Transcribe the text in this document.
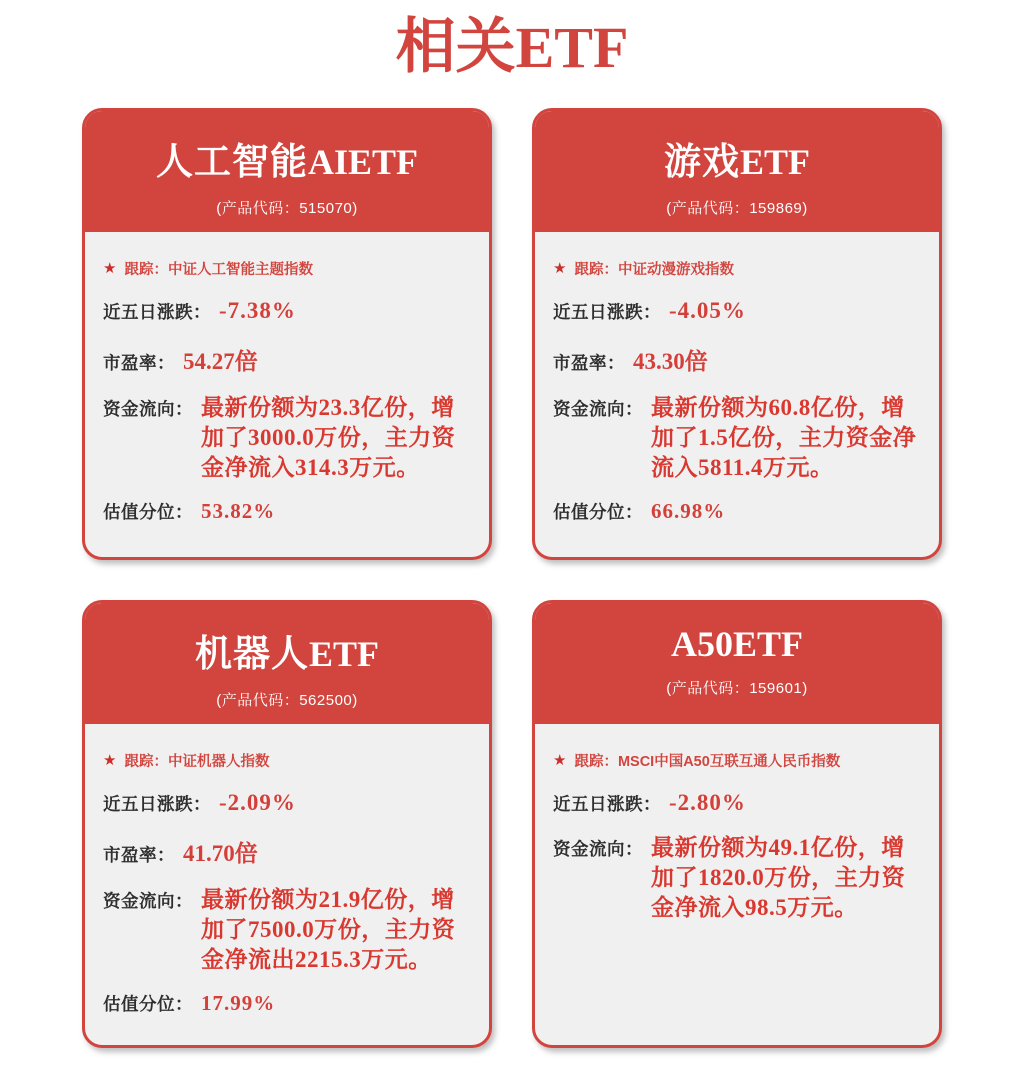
相关ETF
人工智能AIETF
(产品代码：515070)
★ 跟踪： 中证人工智能主题指数
近五日涨跌： -7.38%
市盈率： 54.27倍
资金流向： 最新份额为23.3亿份，增加了3000.0万份，主力资金净流入314.3万元。
估值分位： 53.82%
游戏ETF
(产品代码：159869)
★ 跟踪： 中证动漫游戏指数
近五日涨跌： -4.05%
市盈率： 43.30倍
资金流向： 最新份额为60.8亿份，增加了1.5亿份，主力资金净流入5811.4万元。
估值分位： 66.98%
机器人ETF
(产品代码：562500)
★ 跟踪： 中证机器人指数
近五日涨跌： -2.09%
市盈率： 41.70倍
资金流向： 最新份额为21.9亿份，增加了7500.0万份，主力资金净流出2215.3万元。
估值分位： 17.99%
A50ETF
(产品代码：159601)
★ 跟踪： MSCI中国A50互联互通人民币指数
近五日涨跌： -2.80%
资金流向： 最新份额为49.1亿份，增加了1820.0万份，主力资金净流入98.5万元。
